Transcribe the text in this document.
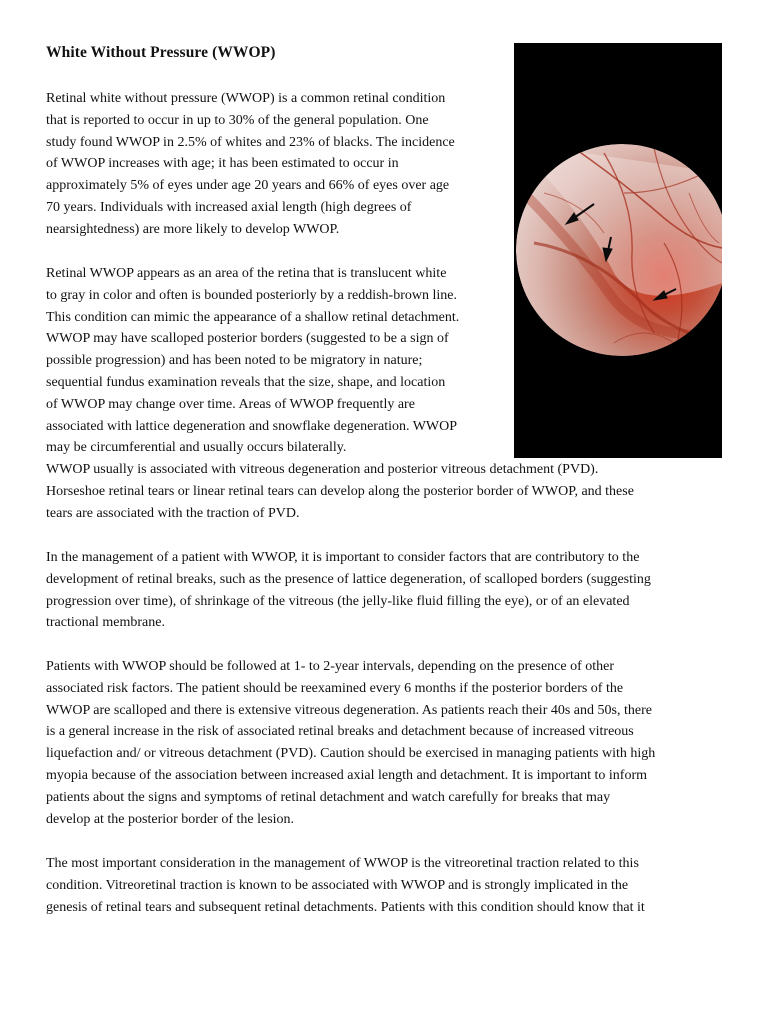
White Without Pressure (WWOP)
Retinal white without pressure (WWOP) is a common retinal condition
that is reported to occur in up to 30% of the general population. One
study found WWOP in 2.5% of whites and 23% of blacks. The incidence
of WWOP increases with age; it has been estimated to occur in
approximately 5% of eyes under age 20 years and 66% of eyes over age
70 years. Individuals with increased axial length (high degrees of
nearsightedness) are more likely to develop WWOP.
Retinal WWOP appears as an area of the retina that is translucent white
to gray in color and often is bounded posteriorly by a reddish-brown line.
This condition can mimic the appearance of a shallow retinal detachment.
WWOP may have scalloped posterior borders (suggested to be a sign of
possible progression) and has been noted to be migratory in nature;
sequential fundus examination reveals that the size, shape, and location
of WWOP may change over time. Areas of WWOP frequently are
associated with lattice degeneration and snowflake degeneration. WWOP
may be circumferential and usually occurs bilaterally.
WWOP usually is associated with vitreous degeneration and posterior vitreous detachment (PVD).
Horseshoe retinal tears or linear retinal tears can develop along the posterior border of WWOP, and these
tears are associated with the traction of PVD.
In the management of a patient with WWOP, it is important to consider factors that are contributory to the
development of retinal breaks, such as the presence of lattice degeneration, of scalloped borders (suggesting
progression over time), of shrinkage of the vitreous (the jelly-like fluid filling the eye), or of an elevated
tractional membrane.
Patients with WWOP should be followed at 1- to 2-year intervals, depending on the presence of other
associated risk factors. The patient should be reexamined every 6 months if the posterior borders of the
WWOP are scalloped and there is extensive vitreous degeneration. As patients reach their 40s and 50s, there
is a general increase in the risk of associated retinal breaks and detachment because of increased vitreous
liquefaction and/ or vitreous detachment (PVD). Caution should be exercised in managing patients with high
myopia because of the association between increased axial length and detachment. It is important to inform
patients about the signs and symptoms of retinal detachment and watch carefully for breaks that may
develop at the posterior border of the lesion.
The most important consideration in the management of WWOP is the vitreoretinal traction related to this
condition. Vitreoretinal traction is known to be associated with WWOP and is strongly implicated in the
genesis of retinal tears and subsequent retinal detachments. Patients with this condition should know that it
